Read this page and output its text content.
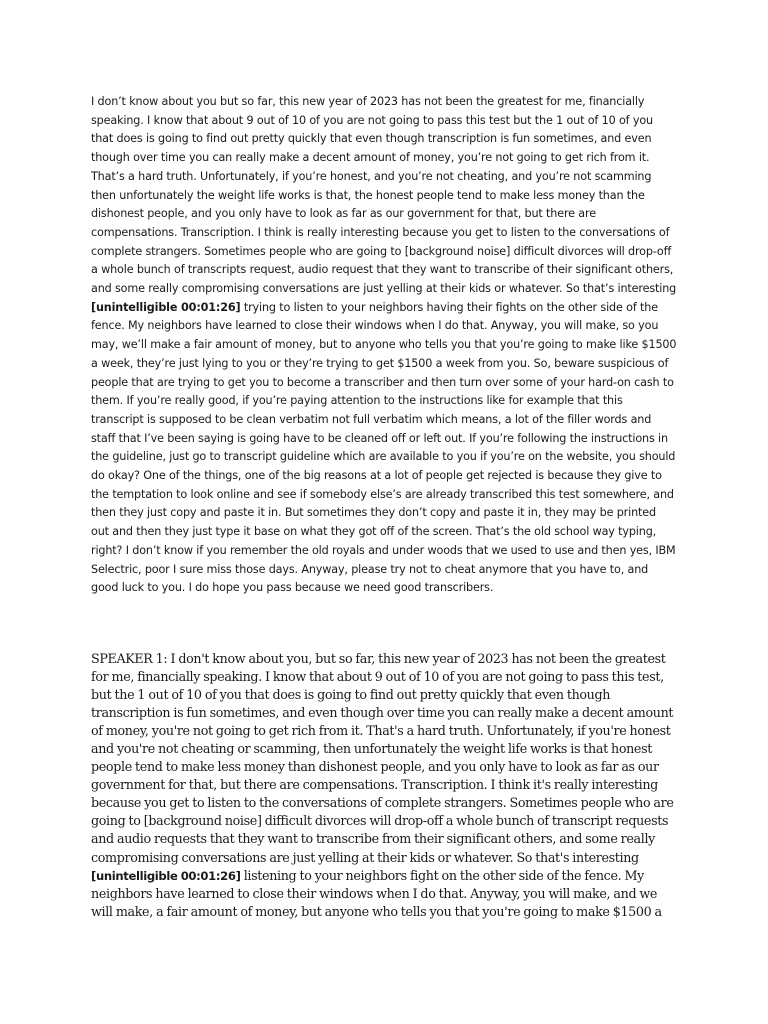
I don’t know about you but so far, this new year of 2023 has not been the greatest for me, financially speaking. I know that about 9 out of 10 of you are not going to pass this test but the 1 out of 10 of you that does is going to find out pretty quickly that even though transcription is fun sometimes, and even though over time you can really make a decent amount of money, you’re not going to get rich from it. That’s a hard truth. Unfortunately, if you’re honest, and you’re not cheating, and you’re not scamming then unfortunately the weight life works is that, the honest people tend to make less money than the dishonest people, and you only have to look as far as our government for that, but there are compensations. Transcription. I think is really interesting because you get to listen to the conversations of complete strangers. Sometimes people who are going to [background noise] difficult divorces will drop-off a whole bunch of transcripts request, audio request that they want to transcribe of their significant others, and some really compromising conversations are just yelling at their kids or whatever. So that’s interesting [unintelligible 00:01:26] trying to listen to your neighbors having their fights on the other side of the fence. My neighbors have learned to close their windows when I do that. Anyway, you will make, so you may, we’ll make a fair amount of money, but to anyone who tells you that you’re going to make like $1500 a week, they’re just lying to you or they’re trying to get $1500 a week from you. So, beware suspicious of people that are trying to get you to become a transcriber and then turn over some of your hard-on cash to them. If you’re really good, if you’re paying attention to the instructions like for example that this transcript is supposed to be clean verbatim not full verbatim which means, a lot of the filler words and staff that I’ve been saying is going have to be cleaned off or left out. If you’re following the instructions in the guideline, just go to transcript guideline which are available to you if you’re on the website, you should do okay? One of the things, one of the big reasons at a lot of people get rejected is because they give to the temptation to look online and see if somebody else’s are already transcribed this test somewhere, and then they just copy and paste it in. But sometimes they don’t copy and paste it in, they may be printed out and then they just type it base on what they got off of the screen. That’s the old school way typing, right? I don’t know if you remember the old royals and under woods that we used to use and then yes, IBM Selectric, poor I sure miss those days. Anyway, please try not to cheat anymore that you have to, and good luck to you. I do hope you pass because we need good transcribers.

SPEAKER 1: I don't know about you, but so far, this new year of 2023 has not been the greatest for me, financially speaking. I know that about 9 out of 10 of you are not going to pass this test, but the 1 out of 10 of you that does is going to find out pretty quickly that even though transcription is fun sometimes, and even though over time you can really make a decent amount of money, you're not going to get rich from it. That's a hard truth. Unfortunately, if you're honest and you're not cheating or scamming, then unfortunately the weight life works is that honest people tend to make less money than dishonest people, and you only have to look as far as our government for that, but there are compensations. Transcription. I think it's really interesting because you get to listen to the conversations of complete strangers. Sometimes people who are going to [background noise] difficult divorces will drop-off a whole bunch of transcript requests and audio requests that they want to transcribe from their significant others, and some really compromising conversations are just yelling at their kids or whatever. So that's interesting
[unintelligible 00:01:26] listening to your neighbors fight on the other side of the fence. My neighbors have learned to close their windows when I do that. Anyway, you will make, and we will make, a fair amount of money, but anyone who tells you that you're going to make $1500 a
